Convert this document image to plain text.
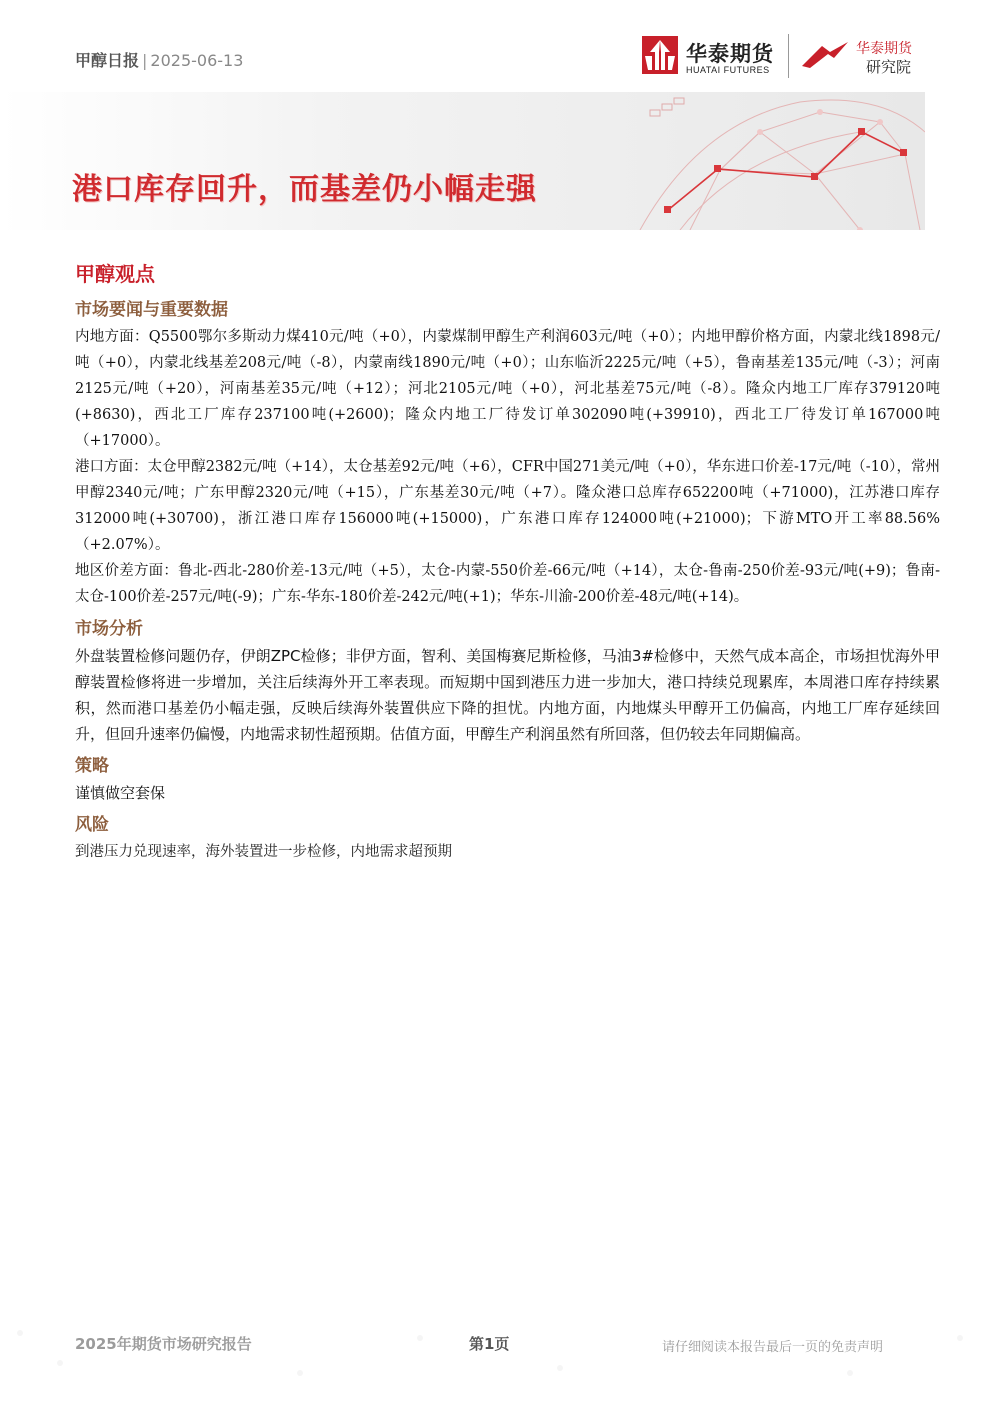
甲醇日报 | 2025-06-13	华泰期货
HUATAI FUTURES
华泰期货
研究院
港口库存回升，而基差仍小幅走强
甲醇观点
市场要闻与重要数据

内地方面：Q5500鄂尔多斯动力煤410元/吨（+0），内蒙煤制甲醇生产利润603元/吨（+0）；内地甲醇价格方面，内蒙北线1898元/吨（+0），内蒙北线基差208元/吨（-8），内蒙南线1890元/吨（+0）；山东临沂2225元/吨（+5），鲁南基差135元/吨（-3）；河南2125元/吨（+20），河南基差35元/吨（+12）；河北2105元/吨（+0），河北基差75元/吨（-8）。隆众内地工厂库存379120吨(+8630)，西北工厂库存237100吨(+2600)；隆众内地工厂待发订单302090吨(+39910)，西北工厂待发订单167000吨（+17000）。

港口方面：太仓甲醇2382元/吨（+14），太仓基差92元/吨（+6），CFR中国271美元/吨（+0），华东进口价差-17元/吨（-10），常州甲醇2340元/吨；广东甲醇2320元/吨（+15），广东基差30元/吨（+7）。隆众港口总库存652200吨（+71000)，江苏港口库存312000吨(+30700)，浙江港口库存156000吨(+15000)，广东港口库存124000吨(+21000)；下游MTO开工率88.56%（+2.07%）。

地区价差方面：鲁北-西北-280价差-13元/吨（+5），太仓-内蒙-550价差-66元/吨（+14），太仓-鲁南-250价差-93元/吨(+9)；鲁南-太仓-100价差-257元/吨(-9)；广东-华东-180价差-242元/吨(+1)；华东-川渝-200价差-48元/吨(+14)。

市场分析

外盘装置检修问题仍存，伊朗ZPC检修；非伊方面，智利、美国梅赛尼斯检修，马油3#检修中，天然气成本高企，市场担忧海外甲醇装置检修将进一步增加，关注后续海外开工率表现。而短期中国到港压力进一步加大，港口持续兑现累库，本周港口库存持续累积，然而港口基差仍小幅走强，反映后续海外装置供应下降的担忧。内地方面，内地煤头甲醇开工仍偏高，内地工厂库存延续回升，但回升速率仍偏慢，内地需求韧性超预期。估值方面，甲醇生产利润虽然有所回落，但仍较去年同期偏高。

策略

谨慎做空套保

风险

到港压力兑现速率，海外装置进一步检修，内地需求超预期

2025年期货市场研究报告	第1页	请仔细阅读本报告最后一页的免责声明
